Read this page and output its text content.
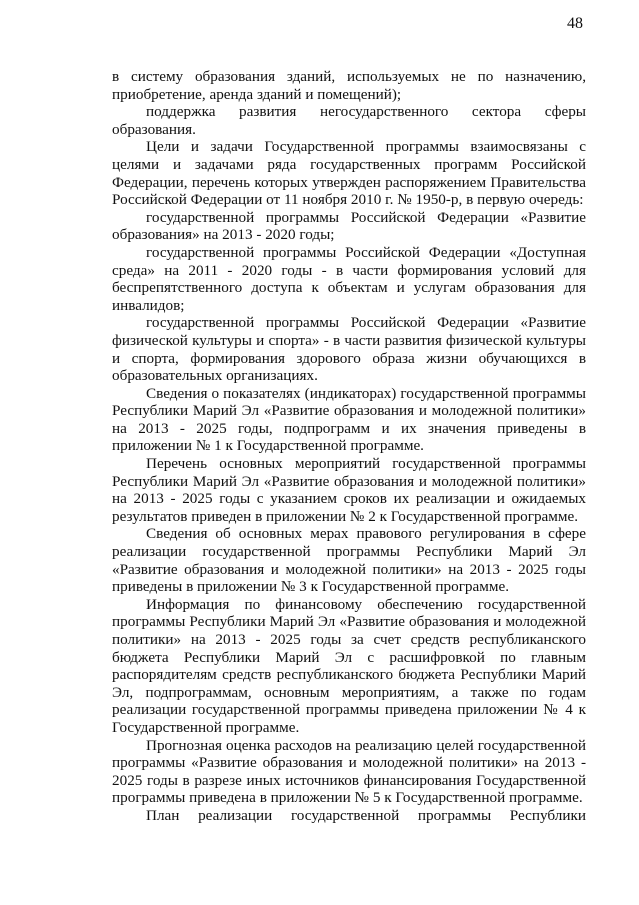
48

в систему образования зданий, используемых не по назначению, приобретение, аренда зданий и помещений);

поддержка развития негосударственного сектора сферы образования.

Цели и задачи Государственной программы взаимосвязаны с целями и задачами ряда государственных программ Российской Федерации, перечень которых утвержден распоряжением Правительства Российской Федерации от 11 ноября 2010 г. № 1950-р, в первую очередь:

государственной программы Российской Федерации «Развитие образования» на 2013 - 2020 годы;

государственной программы Российской Федерации «Доступная среда» на 2011 - 2020 годы - в части формирования условий для беспрепятственного доступа к объектам и услугам образования для инвалидов;

государственной программы Российской Федерации «Развитие физической культуры и спорта» - в части развития физической культуры и спорта, формирования здорового образа жизни обучающихся в образовательных организациях.

Сведения о показателях (индикаторах) государственной программы Республики Марий Эл «Развитие образования и молодежной политики» на 2013 - 2025 годы, подпрограмм и их значения приведены в приложении № 1 к Государственной программе.

Перечень основных мероприятий государственной программы Республики Марий Эл «Развитие образования и молодежной политики» на 2013 - 2025 годы с указанием сроков их реализации и ожидаемых результатов приведен в приложении № 2 к Государственной программе.

Сведения об основных мерах правового регулирования в сфере реализации государственной программы Республики Марий Эл «Развитие образования и молодежной политики» на 2013 - 2025 годы приведены в приложении № 3 к Государственной программе.

Информация по финансовому обеспечению государственной программы Республики Марий Эл «Развитие образования и молодежной политики» на 2013 - 2025 годы за счет средств республиканского бюджета Республики Марий Эл с расшифровкой по главным распорядителям средств республиканского бюджета Республики Марий Эл, подпрограммам, основным мероприятиям, а также по годам реализации государственной программы приведена приложении № 4 к Государственной программе.

Прогнозная оценка расходов на реализацию целей государственной программы «Развитие образования и молодежной политики» на 2013 - 2025 годы в разрезе иных источников финансирования Государственной программы приведена в приложении № 5 к Государственной программе.

План реализации государственной программы Республики
